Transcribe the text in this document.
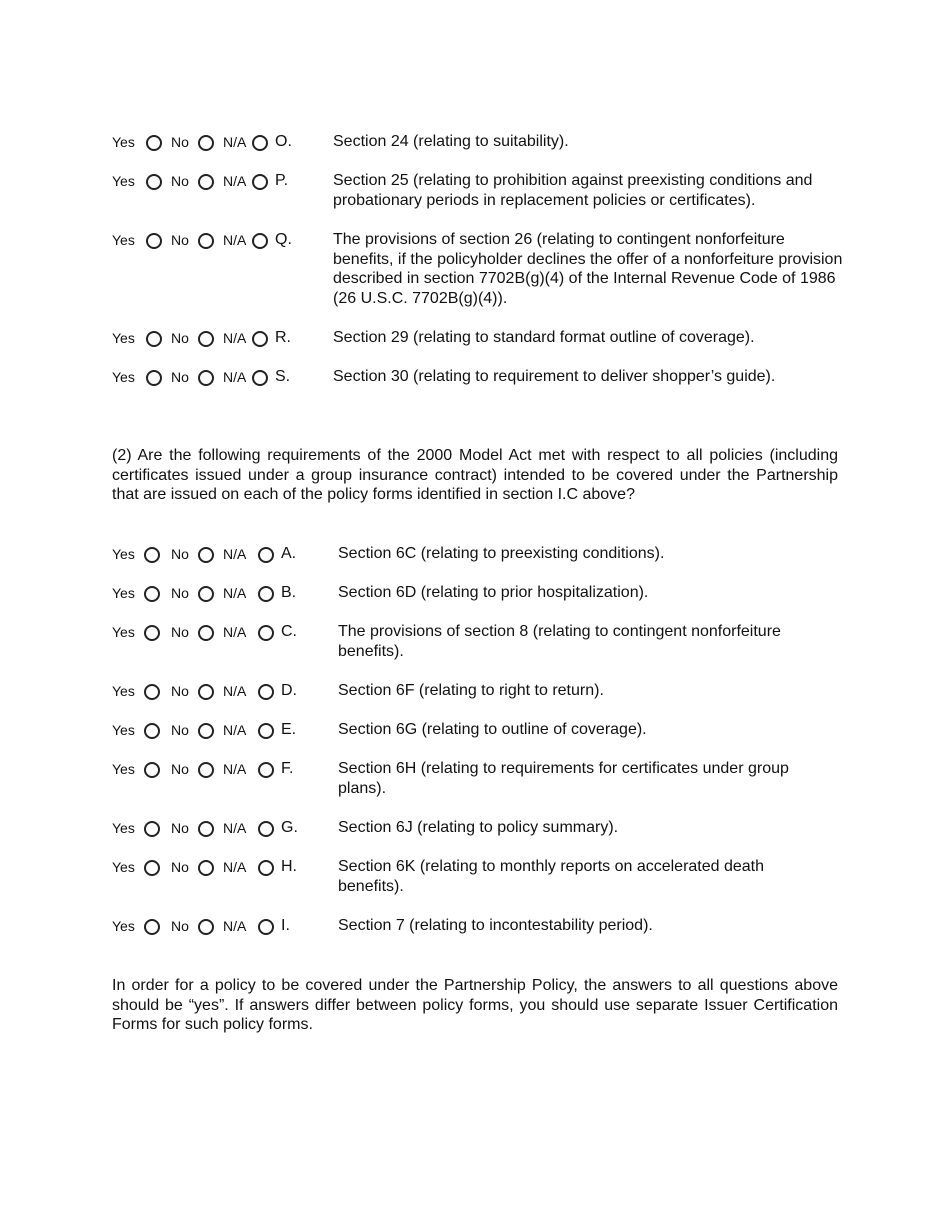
Yes	No N/A O.	Section 24 (relating to suitability).
Yes	No N/A P.	Section 25 (relating to prohibition against preexisting conditions and probationary periods in replacement policies or certificates).
Yes	No N/A Q.	The provisions of section 26 (relating to contingent nonforfeiture benefits, if the policyholder declines the offer of a nonforfeiture provision described in section 7702B(g)(4) of the Internal Revenue Code of 1986 (26 U.S.C. 7702B(g)(4)).
Yes	No N/A R.	Section 29 (relating to standard format outline of coverage).
Yes	No N/A S.	Section 30 (relating to requirement to deliver shopper’s guide).
(2) Are the following requirements of the 2000 Model Act met with respect to all policies (including certificates issued under a group insurance contract) intended to be covered under the Partnership that are issued on each of the policy forms identified in section I.C above?
Yes	No N/A A.	Section 6C (relating to preexisting conditions).
Yes	No N/A B.	Section 6D (relating to prior hospitalization).
Yes	No N/A C.	The provisions of section 8 (relating to contingent nonforfeiture benefits).
Yes	No N/A D.	Section 6F (relating to right to return).
Yes	No N/A E.	Section 6G (relating to outline of coverage).
Yes	No N/A F.	Section 6H (relating to requirements for certificates under group plans).
Yes	No N/A G.	Section 6J (relating to policy summary).
Yes	No N/A H.	Section 6K (relating to monthly reports on accelerated death benefits).
Yes	No N/A I.	Section 7 (relating to incontestability period).
In order for a policy to be covered under the Partnership Policy, the answers to all questions above should be “yes”. If answers differ between policy forms, you should use separate Issuer Certification Forms for such policy forms.
